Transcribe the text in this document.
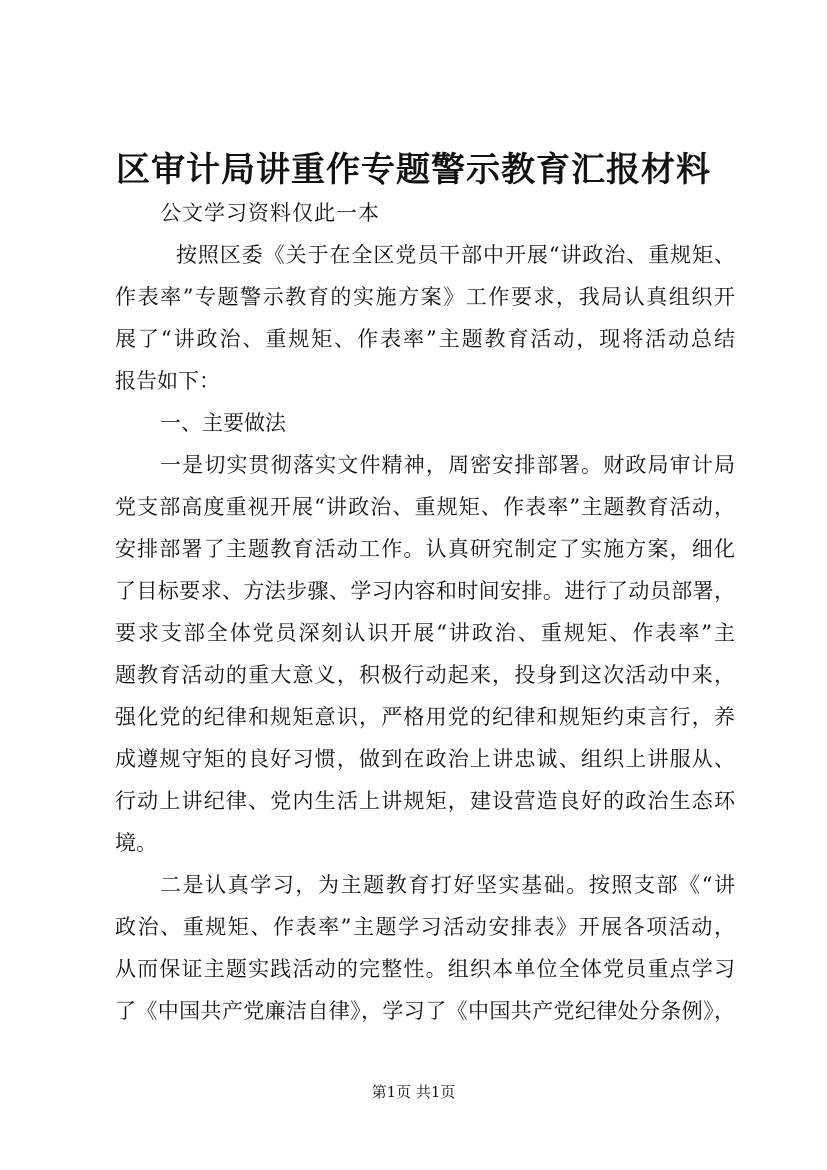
区审计局讲重作专题警示教育汇报材料
公文学习资料仅此一本
按照区委《关于在全区党员干部中开展“讲政治、重规矩、
作表率”专题警示教育的实施方案》工作要求，我局认真组织开
展了“讲政治、重规矩、作表率”主题教育活动，现将活动总结
报告如下：
一、主要做法
一是切实贯彻落实文件精神，周密安排部署。财政局审计局
党支部高度重视开展“讲政治、重规矩、作表率”主题教育活动，
安排部署了主题教育活动工作。认真研究制定了实施方案，细化
了目标要求、方法步骤、学习内容和时间安排。进行了动员部署，
要求支部全体党员深刻认识开展“讲政治、重规矩、作表率”主
题教育活动的重大意义，积极行动起来，投身到这次活动中来，
强化党的纪律和规矩意识，严格用党的纪律和规矩约束言行，养
成遵规守矩的良好习惯，做到在政治上讲忠诚、组织上讲服从、
行动上讲纪律、党内生活上讲规矩，建设营造良好的政治生态环
境。
二是认真学习，为主题教育打好坚实基础。按照支部《“讲
政治、重规矩、作表率”主题学习活动安排表》开展各项活动，
从而保证主题实践活动的完整性。组织本单位全体党员重点学习
了《中国共产党廉洁自律》，学习了《中国共产党纪律处分条例》，
第1页 共1页
